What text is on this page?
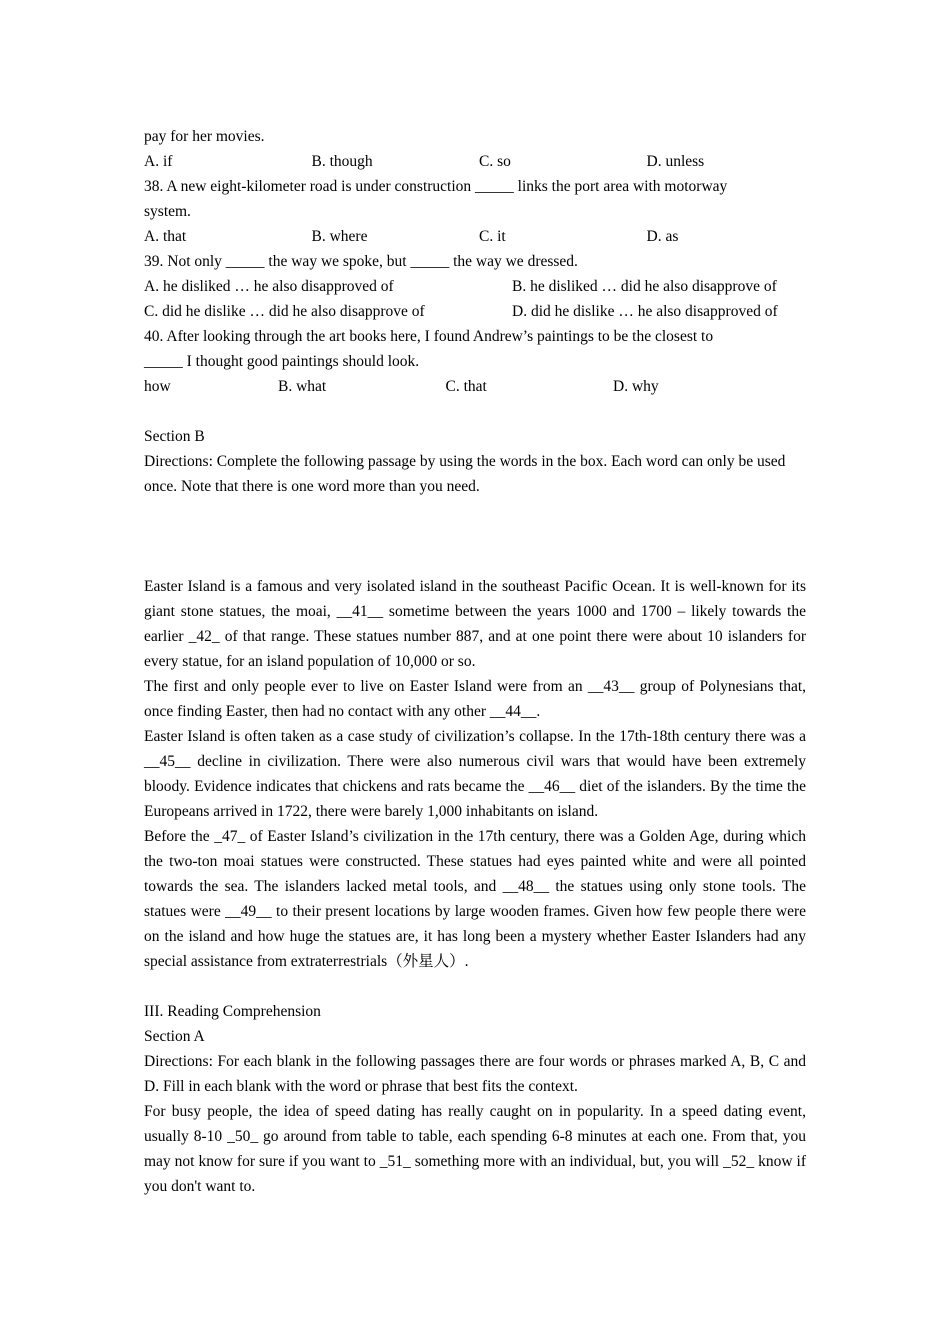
pay for her movies.

A. if	B. though	C. so	D. unless

38. A new eight-kilometer road is under construction _____ links the port area with motorway

system.

A. that	B. where	C. it	D. as

39. Not only _____ the way we spoke, but _____ the way we dressed.

A. he disliked … he also disapproved of	B. he disliked … did he also disapprove of
C. did he dislike … did he also disapprove of	D. did he dislike … he also disapproved of

40. After looking through the art books here, I found Andrew’s paintings to be the closest to

_____ I thought good paintings should look.

how	B. what	C. that	D. why

Section B

Directions: Complete the following passage by using the words in the box. Each word can only be used once. Note that there is one word more than you need.

Easter Island is a famous and very isolated island in the southeast Pacific Ocean. It is well-known for its giant stone statues, the moai, __41__ sometime between the years 1000 and 1700 – likely towards the earlier _42_ of that range. These statues number 887, and at one point there were about 10 islanders for every statue, for an island population of 10,000 or so.

The first and only people ever to live on Easter Island were from an __43__ group of Polynesians that, once finding Easter, then had no contact with any other __44__.

Easter Island is often taken as a case study of civilization’s collapse. In the 17th-18th century there was a __45__ decline in civilization. There were also numerous civil wars that would have been extremely bloody. Evidence indicates that chickens and rats became the __46__ diet of the islanders. By the time the Europeans arrived in 1722, there were barely 1,000 inhabitants on island.

Before the _47_ of Easter Island’s civilization in the 17th century, there was a Golden Age, during which the two-ton moai statues were constructed. These statues had eyes painted white and were all pointed towards the sea. The islanders lacked metal tools, and __48__ the statues using only stone tools. The statues were __49__ to their present locations by large wooden frames. Given how few people there were on the island and how huge the statues are, it has long been a mystery whether Easter Islanders had any special assistance from extraterrestrials（外星人）.

III. Reading Comprehension

Section A

Directions: For each blank in the following passages there are four words or phrases marked A, B, C and D. Fill in each blank with the word or phrase that best fits the context.

For busy people, the idea of speed dating has really caught on in popularity. In a speed dating event, usually 8-10 _50_ go around from table to table, each spending 6-8 minutes at each one. From that, you may not know for sure if you want to _51_ something more with an individual, but, you will _52_ know if you don't want to.
